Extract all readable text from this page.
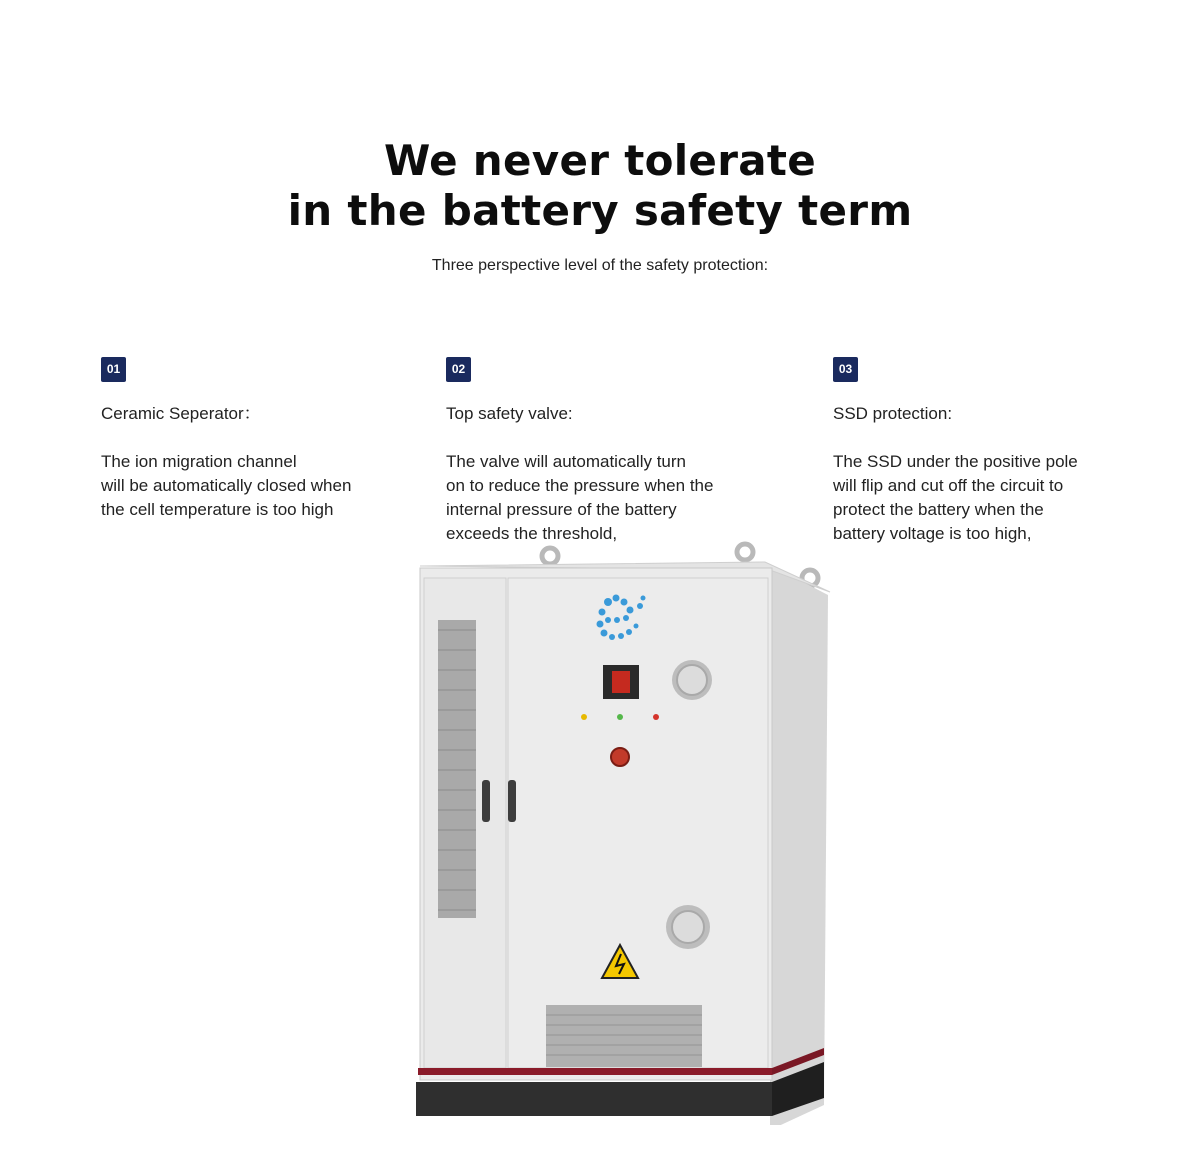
We never tolerate
in the battery safety term
Three perspective level of the safety protection:
01
Ceramic Seperator：
The ion migration channel
will be automatically closed when
the cell temperature is too high
02
Top safety valve:
The valve will automatically turn
on to reduce the pressure when the
internal pressure of the battery
exceeds the threshold,
03
SSD protection:
The SSD under the positive pole
will flip and cut off the circuit to
protect the battery when the
battery voltage is too high,
